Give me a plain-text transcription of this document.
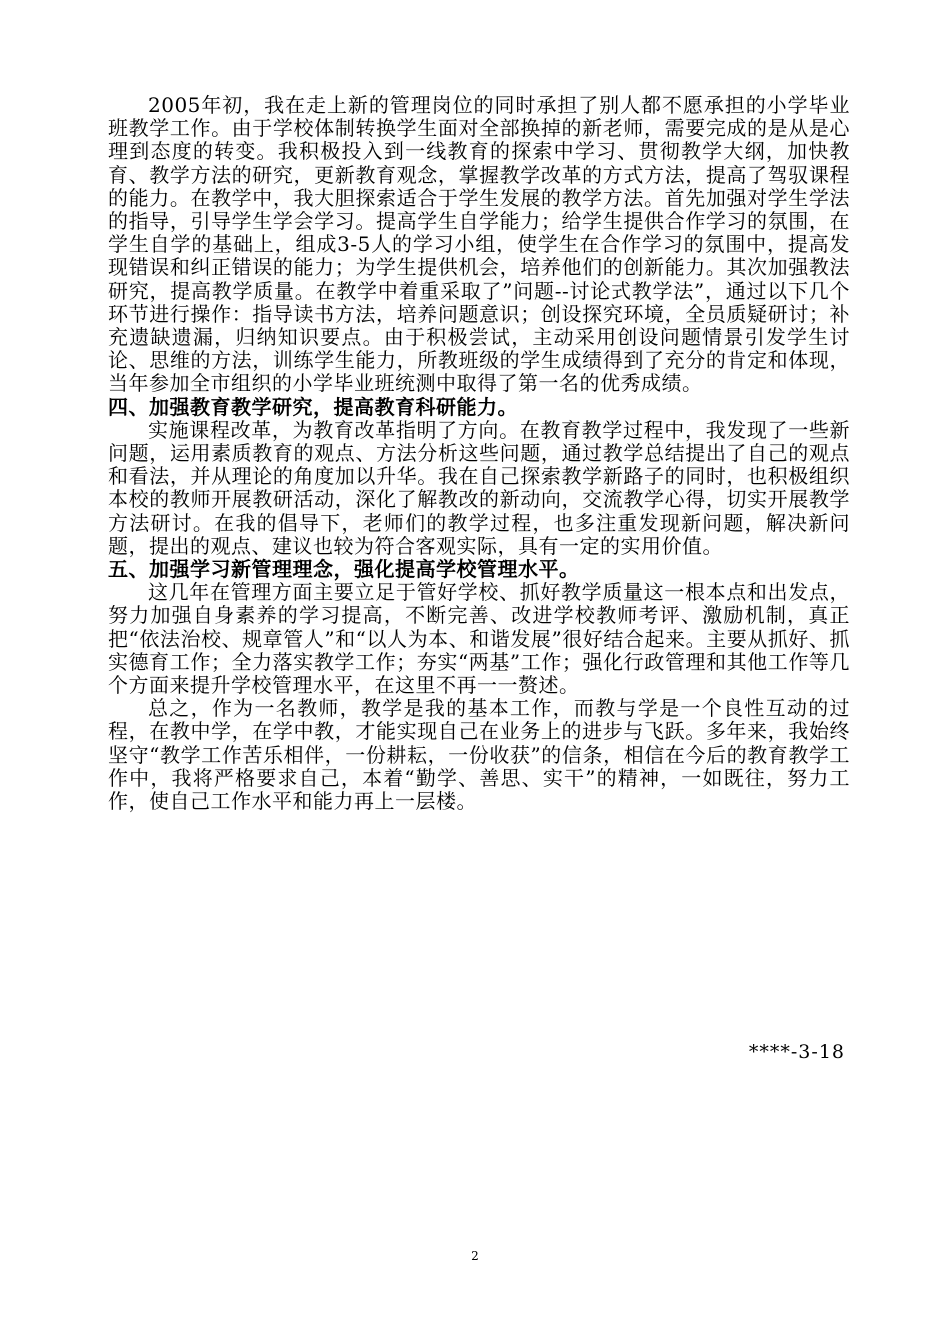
2005年初，我在走上新的管理岗位的同时承担了别人都不愿承担的小学毕业班教学工作。由于学校体制转换学生面对全部换掉的新老师，需要完成的是从是心理到态度的转变。我积极投入到一线教育的探索中学习、贯彻教学大纲，加快教育、教学方法的研究，更新教育观念，掌握教学改革的方式方法，提高了驾驭课程的能力。在教学中，我大胆探索适合于学生发展的教学方法。首先加强对学生学法的指导，引导学生学会学习。提高学生自学能力；给学生提供合作学习的氛围，在学生自学的基础上，组成3-5人的学习小组，使学生在合作学习的氛围中，提高发现错误和纠正错误的能力；为学生提供机会，培养他们的创新能力。其次加强教法研究，提高教学质量。在教学中着重采取了”问题--讨论式教学法”，通过以下几个环节进行操作：指导读书方法，培养问题意识；创设探究环境，全员质疑研讨；补充遗缺遗漏，归纳知识要点。由于积极尝试，主动采用创设问题情景引发学生讨论、思维的方法，训练学生能力，所教班级的学生成绩得到了充分的肯定和体现，当年参加全市组织的小学毕业班统测中取得了第一名的优秀成绩。

四、加强教育教学研究，提高教育科研能力。

实施课程改革，为教育改革指明了方向。在教育教学过程中，我发现了一些新问题，运用素质教育的观点、方法分析这些问题，通过教学总结提出了自己的观点和看法，并从理论的角度加以升华。我在自己探索教学新路子的同时，也积极组织本校的教师开展教研活动，深化了解教改的新动向，交流教学心得，切实开展教学方法研讨。在我的倡导下，老师们的教学过程，也多注重发现新问题，解决新问题，提出的观点、建议也较为符合客观实际，具有一定的实用价值。

五、加强学习新管理理念，强化提高学校管理水平。

这几年在管理方面主要立足于管好学校、抓好教学质量这一根本点和出发点，努力加强自身素养的学习提高，不断完善、改进学校教师考评、激励机制，真正把“依法治校、规章管人”和“以人为本、和谐发展”很好结合起来。主要从抓好、抓实德育工作；全力落实教学工作；夯实“两基”工作；强化行政管理和其他工作等几个方面来提升学校管理水平，在这里不再一一赘述。

总之，作为一名教师，教学是我的基本工作，而教与学是一个良性互动的过程，在教中学，在学中教，才能实现自己在业务上的进步与飞跃。多年来，我始终坚守“教学工作苦乐相伴，一份耕耘，一份收获”的信条，相信在今后的教育教学工作中，我将严格要求自己，本着“勤学、善思、实干”的精神，一如既往，努力工作，使自己工作水平和能力再上一层楼。

****-3-18
2
